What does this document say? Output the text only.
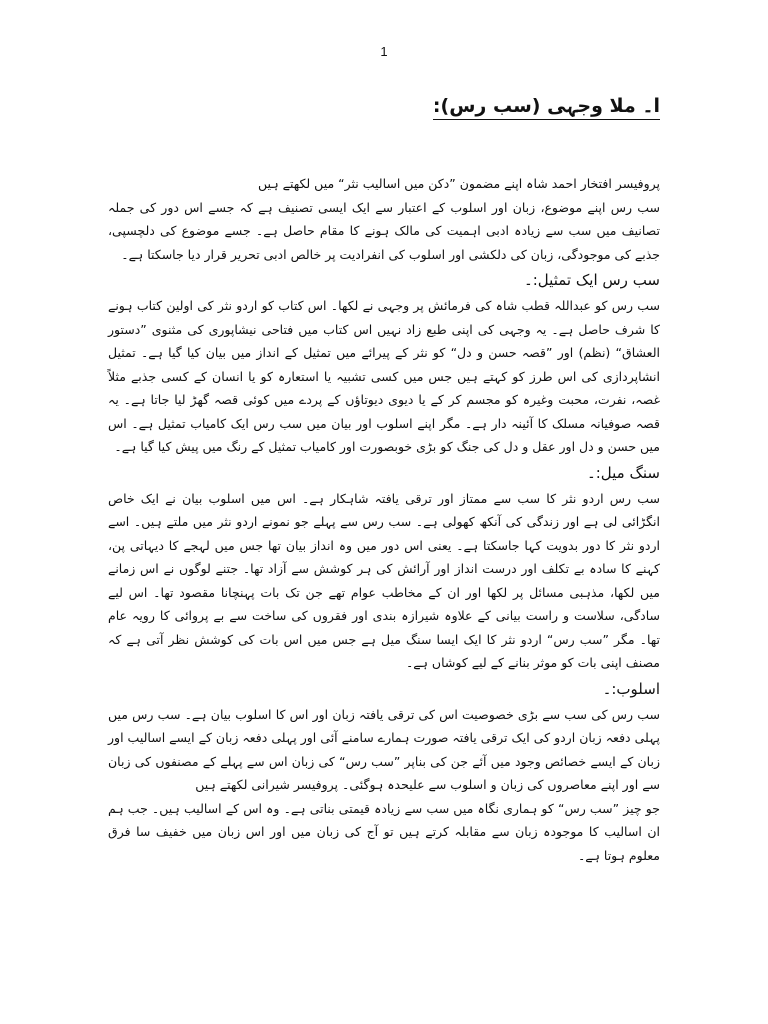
1
ا۔ ملا وجہی (سب رس):

پروفیسر افتخار احمد شاہ اپنے مضمون ”دکن میں اسالیب نثر“ میں لکھتے ہیں

سب رس اپنے موضوع، زبان اور اسلوب کے اعتبار سے ایک ایسی تصنیف ہے کہ جسے اس دور کی جملہ تصانیف میں سب سے زیادہ ادبی اہمیت کی مالک ہونے کا مقام حاصل ہے۔ جسے موضوع کی دلچسپی، جذبے کی موجودگی، زبان کی دلکشی اور اسلوب کی انفرادیت پر خالص ادبی تحریر قرار دیا جاسکتا ہے۔

سب رس ایک تمثیل:۔

سب رس کو عبداللہ قطب شاہ کی فرمائش پر وجہی نے لکھا۔ اس کتاب کو اردو نثر کی اولین کتاب ہونے کا شرف حاصل ہے۔ یہ وجہی کی اپنی طبع زاد نہیں اس کتاب میں فتاحی نیشاپوری کی مثنوی ”دستور العشاق“ (نظم) اور ”قصہ حسن و دل“ کو نثر کے پیرائے میں تمثیل کے انداز میں بیان کیا گیا ہے۔ تمثیل انشاپردازی کی اس طرز کو کہتے ہیں جس میں کسی تشبیہ یا استعارہ کو یا انسان کے کسی جذبے مثلاً غصہ، نفرت، محبت وغیرہ کو مجسم کر کے یا دیوی دیوتاؤں کے پردے میں کوئی قصہ گھڑ لیا جاتا ہے۔ یہ قصہ صوفیانہ مسلک کا آئینہ دار ہے۔ مگر اپنے اسلوب اور بیان میں سب رس ایک کامیاب تمثیل ہے۔ اس میں حسن و دل اور عقل و دل کی جنگ کو بڑی خوبصورت اور کامیاب تمثیل کے رنگ میں پیش کیا گیا ہے۔

سنگ میل:۔

سب رس اردو نثر کا سب سے ممتاز اور ترقی یافتہ شاہکار ہے۔ اس میں اسلوب بیان نے ایک خاص انگڑائی لی ہے اور زندگی کی آنکھ کھولی ہے۔ سب رس سے پہلے جو نمونے اردو نثر میں ملتے ہیں۔ اسے اردو نثر کا دور بدویت کہا جاسکتا ہے۔ یعنی اس دور میں وہ انداز بیان تھا جس میں لہجے کا دیہاتی پن، کہنے کا سادہ بے تکلف اور درست انداز اور آرائش کی ہر کوشش سے آزاد تھا۔ جتنے لوگوں نے اس زمانے میں لکھا، مذہبی مسائل پر لکھا اور ان کے مخاطب عوام تھے جن تک بات پہنچانا مقصود تھا۔ اس لیے سادگی، سلاست و راست بیانی کے علاوہ شیرازہ بندی اور فقروں کی ساخت سے بے پروائی کا رویہ عام تھا۔ مگر ”سب رس“ اردو نثر کا ایک ایسا سنگ میل ہے جس میں اس بات کی کوشش نظر آتی ہے کہ مصنف اپنی بات کو موثر بنانے کے لیے کوشاں ہے۔

اسلوب:۔

سب رس کی سب سے بڑی خصوصیت اس کی ترقی یافتہ زبان اور اس کا اسلوب بیان ہے۔ سب رس میں پہلی دفعہ زبان اردو کی ایک ترقی یافتہ صورت ہمارے سامنے آئی اور پہلی دفعہ زبان کے ایسے اسالیب اور زبان کے ایسے خصائص وجود میں آئے جن کی بناپر ”سب رس“ کی زبان اس سے پہلے کے مصنفوں کی زبان سے اور اپنے معاصروں کی زبان و اسلوب سے علیحدہ ہوگئی۔ پروفیسر شیرانی لکھتے ہیں

جو چیز ”سب رس“ کو ہماری نگاہ میں سب سے زیادہ قیمتی بناتی ہے۔ وہ اس کے اسالیب ہیں۔ جب ہم ان اسالیب کا موجودہ زبان سے مقابلہ کرتے ہیں تو آج کی زبان میں اور اس زبان میں خفیف سا فرق معلوم ہوتا ہے۔
